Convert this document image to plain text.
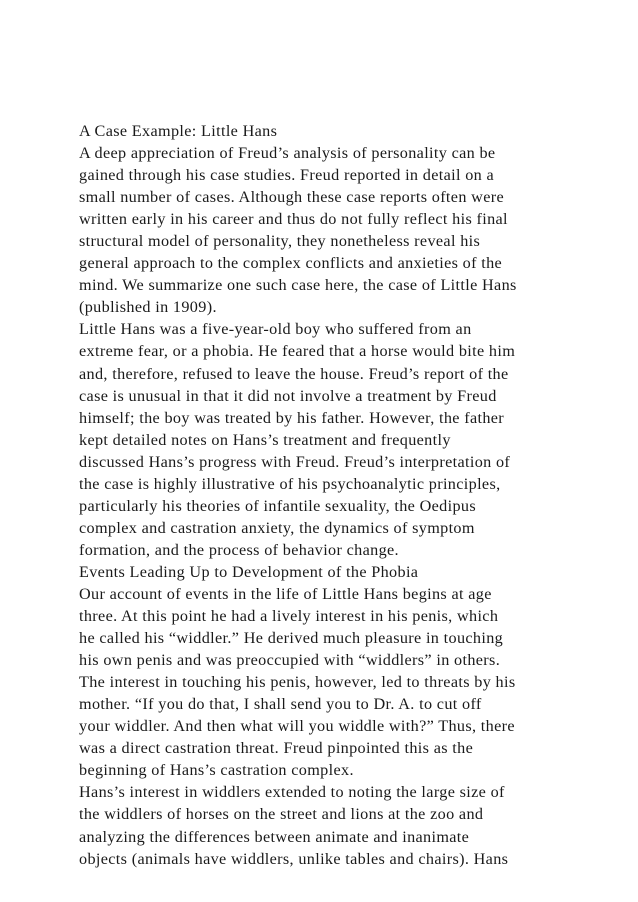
A Case Example: Little Hans
A deep appreciation of Freud’s analysis of personality can be
gained through his case studies. Freud reported in detail on a
small number of cases. Although these case reports often were
written early in his career and thus do not fully reflect his final
structural model of personality, they nonetheless reveal his
general approach to the complex conflicts and anxieties of the
mind. We summarize one such case here, the case of Little Hans
(published in 1909).
Little Hans was a five-year-old boy who suffered from an
extreme fear, or a phobia. He feared that a horse would bite him
and, therefore, refused to leave the house. Freud’s report of the
case is unusual in that it did not involve a treatment by Freud
himself; the boy was treated by his father. However, the father
kept detailed notes on Hans’s treatment and frequently
discussed Hans’s progress with Freud. Freud’s interpretation of
the case is highly illustrative of his psychoanalytic principles,
particularly his theories of infantile sexuality, the Oedipus
complex and castration anxiety, the dynamics of symptom
formation, and the process of behavior change.
Events Leading Up to Development of the Phobia
Our account of events in the life of Little Hans begins at age
three. At this point he had a lively interest in his penis, which
he called his “widdler.” He derived much pleasure in touching
his own penis and was preoccupied with “widdlers” in others.
The interest in touching his penis, however, led to threats by his
mother. “If you do that, I shall send you to Dr. A. to cut off
your widdler. And then what will you widdle with?” Thus, there
was a direct castration threat. Freud pinpointed this as the
beginning of Hans’s castration complex.
Hans’s interest in widdlers extended to noting the large size of
the widdlers of horses on the street and lions at the zoo and
analyzing the differences between animate and inanimate
objects (animals have widdlers, unlike tables and chairs). Hans
